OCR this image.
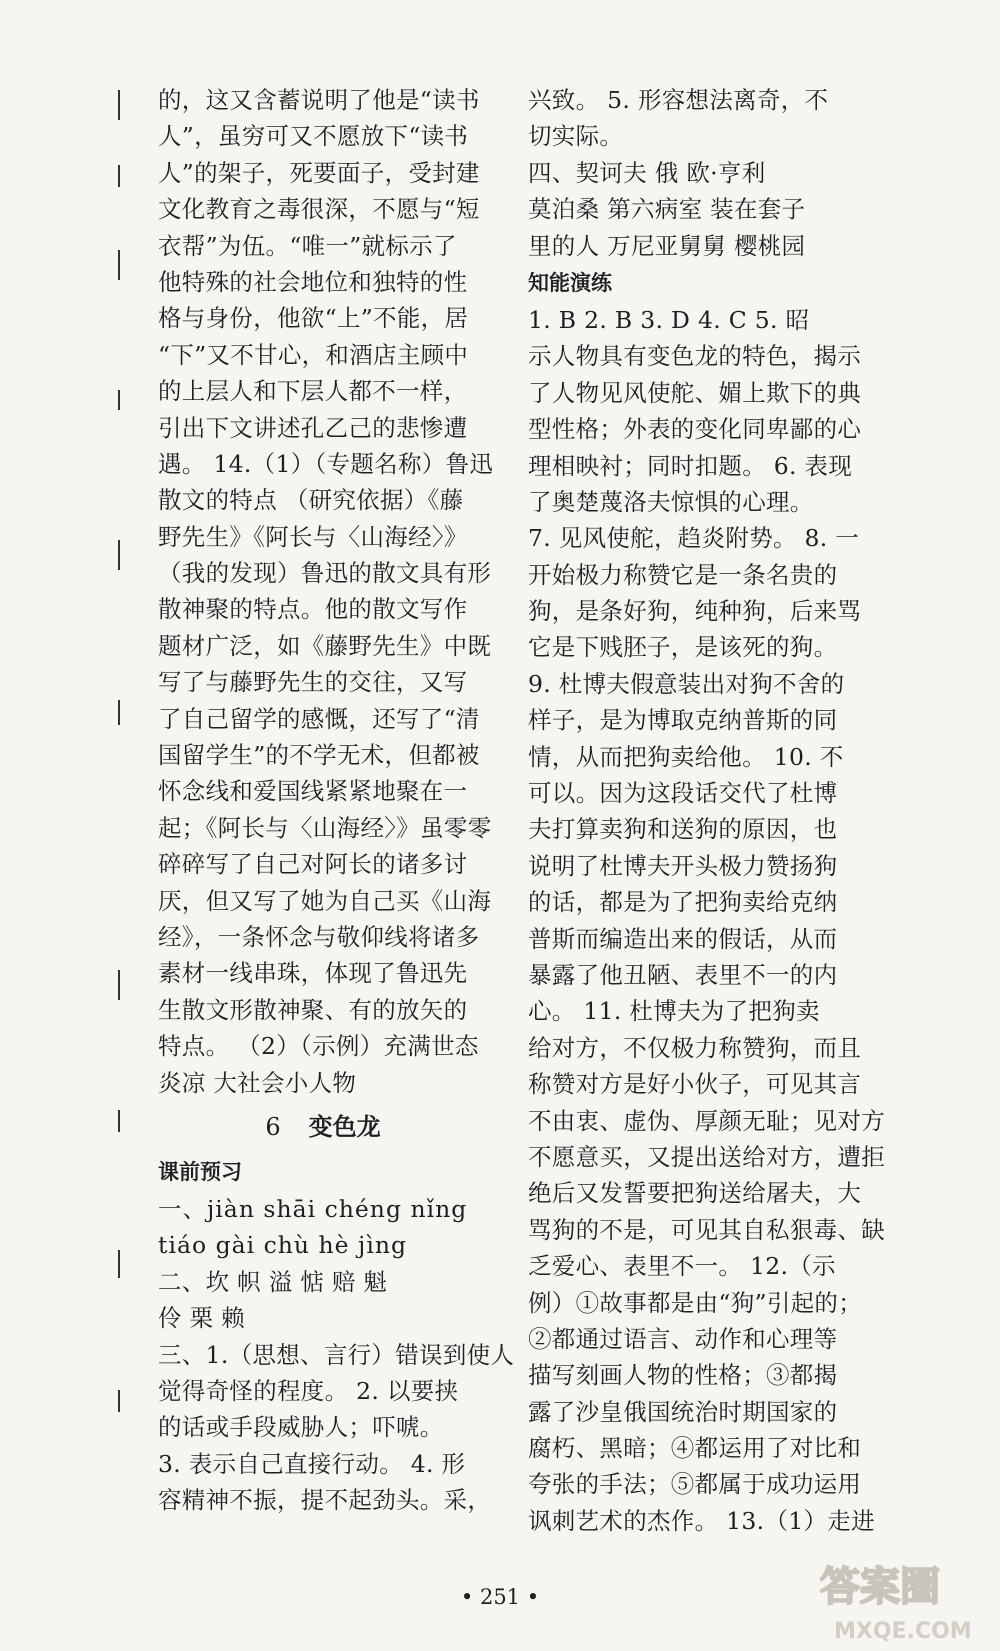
的，这又含蓄说明了他是“读书
人”，虽穷可又不愿放下“读书
人”的架子，死要面子，受封建
文化教育之毒很深，不愿与“短
衣帮”为伍。“唯一”就标示了
他特殊的社会地位和独特的性
格与身份，他欲“上”不能，居
“下”又不甘心，和酒店主顾中
的上层人和下层人都不一样，
引出下文讲述孔乙己的悲惨遭
遇。 14.（1）（专题名称）鲁迅
散文的特点 （研究依据）《藤
野先生》《阿长与〈山海经〉》
（我的发现）鲁迅的散文具有形
散神聚的特点。他的散文写作
题材广泛，如《藤野先生》中既
写了与藤野先生的交往，又写
了自己留学的感慨，还写了“清
国留学生”的不学无术，但都被
怀念线和爱国线紧紧地聚在一
起；《阿长与〈山海经〉》虽零零
碎碎写了自己对阿长的诸多讨
厌，但又写了她为自己买《山海
经》，一条怀念与敬仰线将诸多
素材一线串珠，体现了鲁迅先
生散文形散神聚、有的放矢的
特点。 （2）（示例）充满世态
炎凉 大社会小人物
6 变色龙
课前预习
一、jiàn shāi chéng nǐng
tiáo gài chù hè jìng
二、坎 帜 溢 惦 赔 魁
伶 栗 赖
三、1.（思想、言行）错误到使人
觉得奇怪的程度。 2. 以要挟
的话或手段威胁人；吓唬。
3. 表示自己直接行动。 4. 形
容精神不振，提不起劲头。采，
兴致。 5. 形容想法离奇，不
切实际。
四、契诃夫 俄 欧·亨利
莫泊桑 第六病室 装在套子
里的人 万尼亚舅舅 樱桃园
知能演练
1. B 2. B 3. D 4. C 5. 昭
示人物具有变色龙的特色，揭示
了人物见风使舵、媚上欺下的典
型性格；外表的变化同卑鄙的心
理相映衬；同时扣题。 6. 表现
了奥楚蔑洛夫惊惧的心理。
7. 见风使舵，趋炎附势。 8. 一
开始极力称赞它是一条名贵的
狗，是条好狗，纯种狗，后来骂
它是下贱胚子，是该死的狗。
9. 杜博夫假意装出对狗不舍的
样子，是为博取克纳普斯的同
情，从而把狗卖给他。 10. 不
可以。因为这段话交代了杜博
夫打算卖狗和送狗的原因，也
说明了杜博夫开头极力赞扬狗
的话，都是为了把狗卖给克纳
普斯而编造出来的假话，从而
暴露了他丑陋、表里不一的内
心。 11. 杜博夫为了把狗卖
给对方，不仅极力称赞狗，而且
称赞对方是好小伙子，可见其言
不由衷、虚伪、厚颜无耻；见对方
不愿意买，又提出送给对方，遭拒
绝后又发誓要把狗送给屠夫，大
骂狗的不是，可见其自私狠毒、缺
乏爱心、表里不一。 12.（示
例）①故事都是由“狗”引起的；
②都通过语言、动作和心理等
描写刻画人物的性格；③都揭
露了沙皇俄国统治时期国家的
腐朽、黑暗；④都运用了对比和
夸张的手法；⑤都属于成功运用
讽刺艺术的杰作。 13.（1）走进
• 251 •	答案圈
MXQE.COM
